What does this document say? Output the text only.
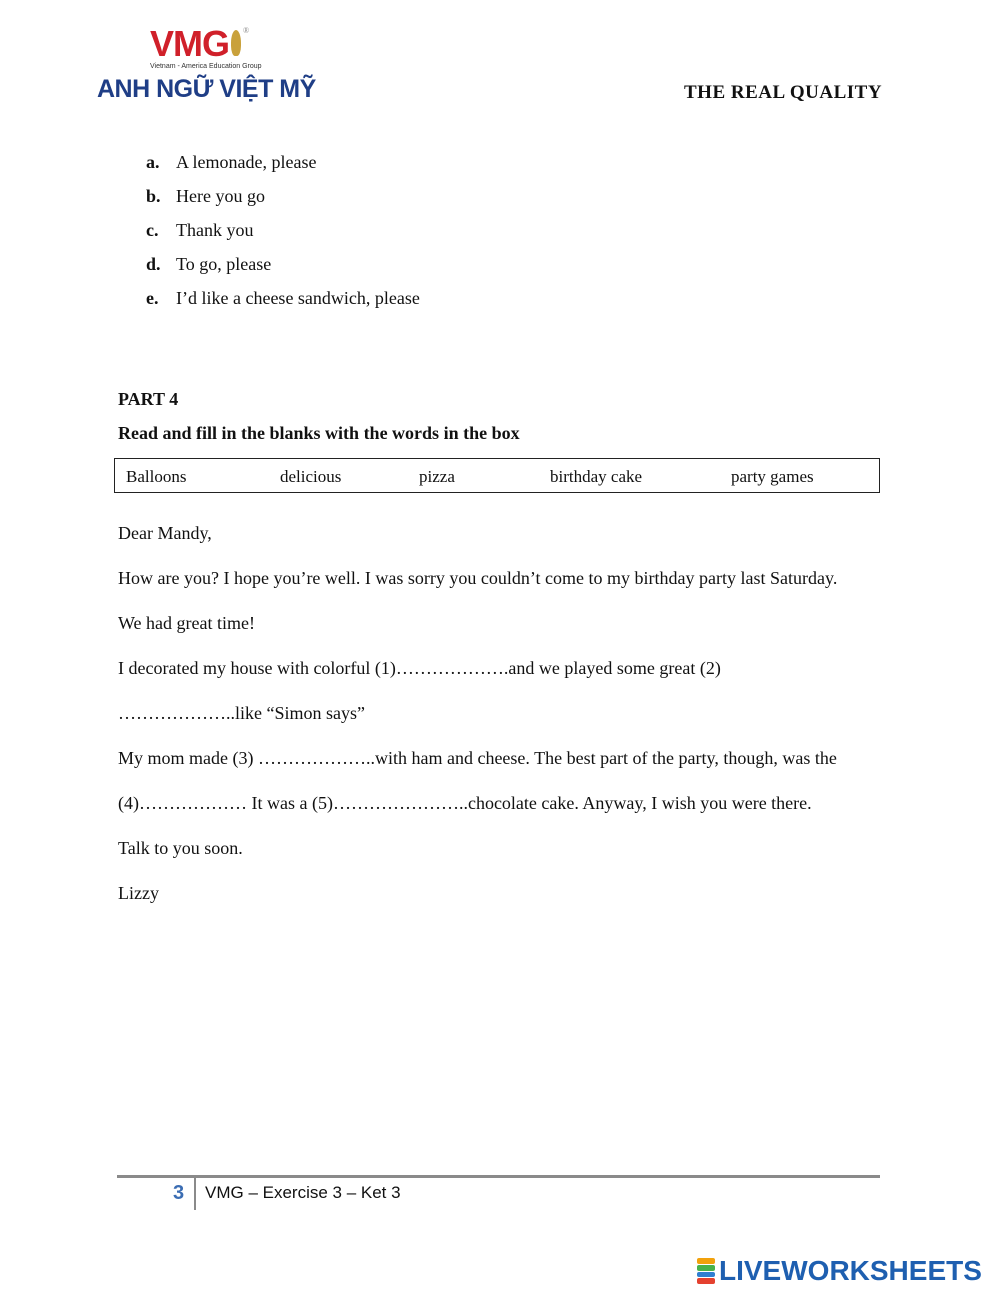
VMG ®
Vietnam - America Education Group
ANH NGỮ VIỆT MỸ	THE REAL QUALITY
a. A lemonade, please
b. Here you go
c. Thank you
d. To go, please
e. I’d like a cheese sandwich, please
PART 4
Read and fill in the blanks with the words in the box
Balloons	delicious	pizza	birthday cake	party games
Dear Mandy,
How are you? I hope you’re well. I was sorry you couldn’t come to my birthday party last Saturday.
We had great time!
I decorated my house with colorful (1)……………….and we played some great (2)
………………..like “Simon says”
My mom made (3) ………………..with ham and cheese. The best part of the party, though, was the
(4)……………… It was a (5)…………………..chocolate cake. Anyway, I wish you were there.
Talk to you soon.
Lizzy
3 VMG – Exercise 3 – Ket 3
LIVEWORKSHEETS
